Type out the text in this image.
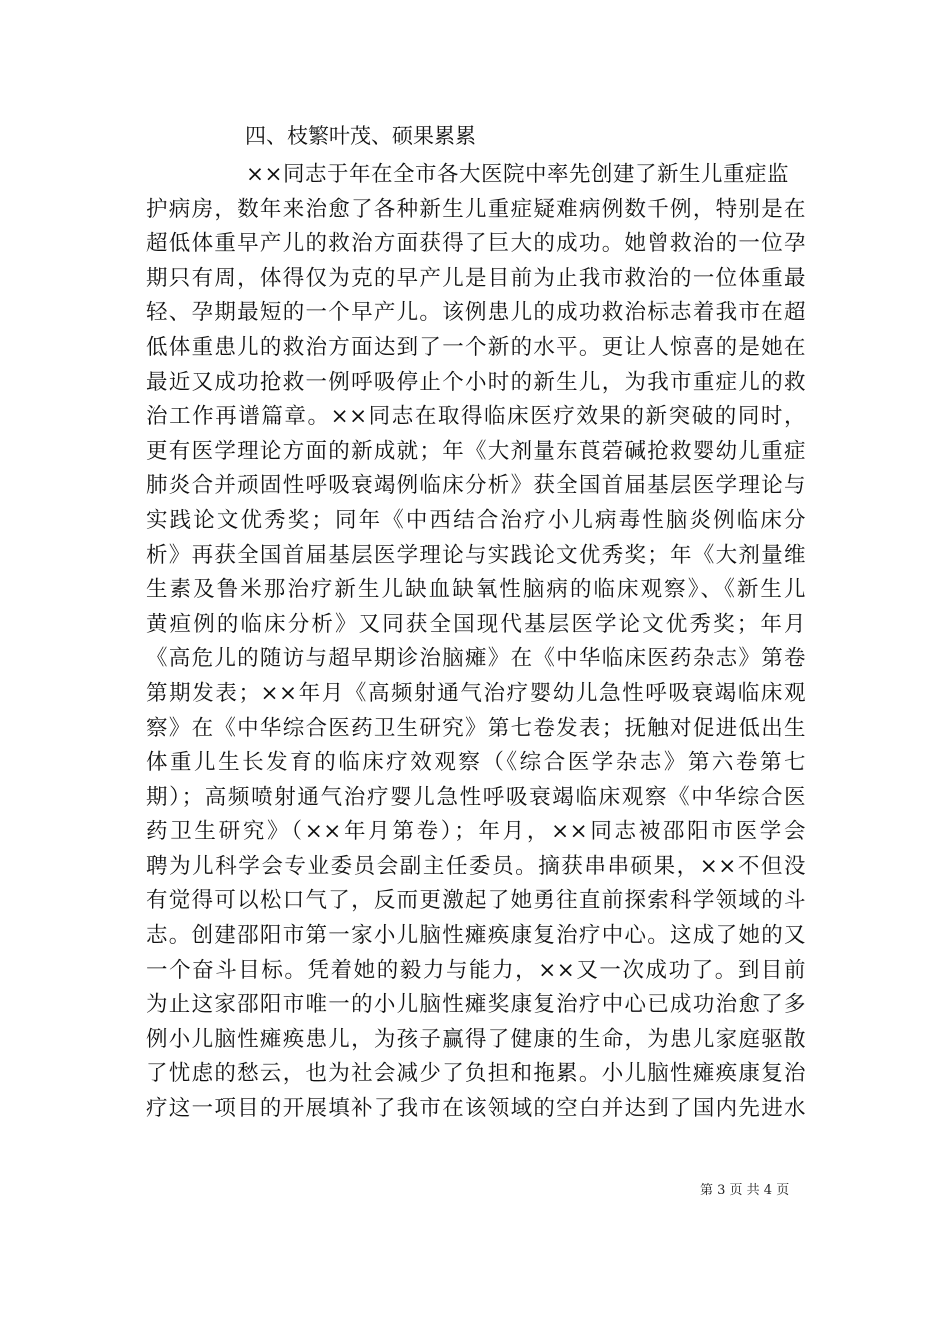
四、枝繁叶茂、硕果累累
××同志于年在全市各大医院中率先创建了新生儿重症监
护病房，数年来治愈了各种新生儿重症疑难病例数千例，特别是在
超低体重早产儿的救治方面获得了巨大的成功。她曾救治的一位孕
期只有周，体得仅为克的早产儿是目前为止我市救治的一位体重最
轻、孕期最短的一个早产儿。该例患儿的成功救治标志着我市在超
低体重患儿的救治方面达到了一个新的水平。更让人惊喜的是她在
最近又成功抢救一例呼吸停止个小时的新生儿，为我市重症儿的救
治工作再谱篇章。××同志在取得临床医疗效果的新突破的同时，
更有医学理论方面的新成就；年《大剂量东莨菪碱抢救婴幼儿重症
肺炎合并顽固性呼吸衰竭例临床分析》获全国首届基层医学理论与
实践论文优秀奖；同年《中西结合治疗小儿病毒性脑炎例临床分
析》再获全国首届基层医学理论与实践论文优秀奖；年《大剂量维
生素及鲁米那治疗新生儿缺血缺氧性脑病的临床观察》、《新生儿
黄疸例的临床分析》又同获全国现代基层医学论文优秀奖；年月
《高危儿的随访与超早期诊治脑瘫》在《中华临床医药杂志》第卷
第期发表；××年月《高频射通气治疗婴幼儿急性呼吸衰竭临床观
察》在《中华综合医药卫生研究》第七卷发表；抚触对促进低出生
体重儿生长发育的临床疗效观察（《综合医学杂志》第六卷第七
期）；高频喷射通气治疗婴儿急性呼吸衰竭临床观察《中华综合医
药卫生研究》（××年月第卷）；年月，××同志被邵阳市医学会
聘为儿科学会专业委员会副主任委员。摘获串串硕果，××不但没
有觉得可以松口气了，反而更激起了她勇往直前探索科学领域的斗
志。创建邵阳市第一家小儿脑性瘫痪康复治疗中心。这成了她的又
一个奋斗目标。凭着她的毅力与能力，××又一次成功了。到目前
为止这家邵阳市唯一的小儿脑性瘫奖康复治疗中心已成功治愈了多
例小儿脑性瘫痪患儿，为孩子赢得了健康的生命，为患儿家庭驱散
了忧虑的愁云，也为社会减少了负担和拖累。小儿脑性瘫痪康复治
疗这一项目的开展填补了我市在该领域的空白并达到了国内先进水
第 3 页 共 4 页
